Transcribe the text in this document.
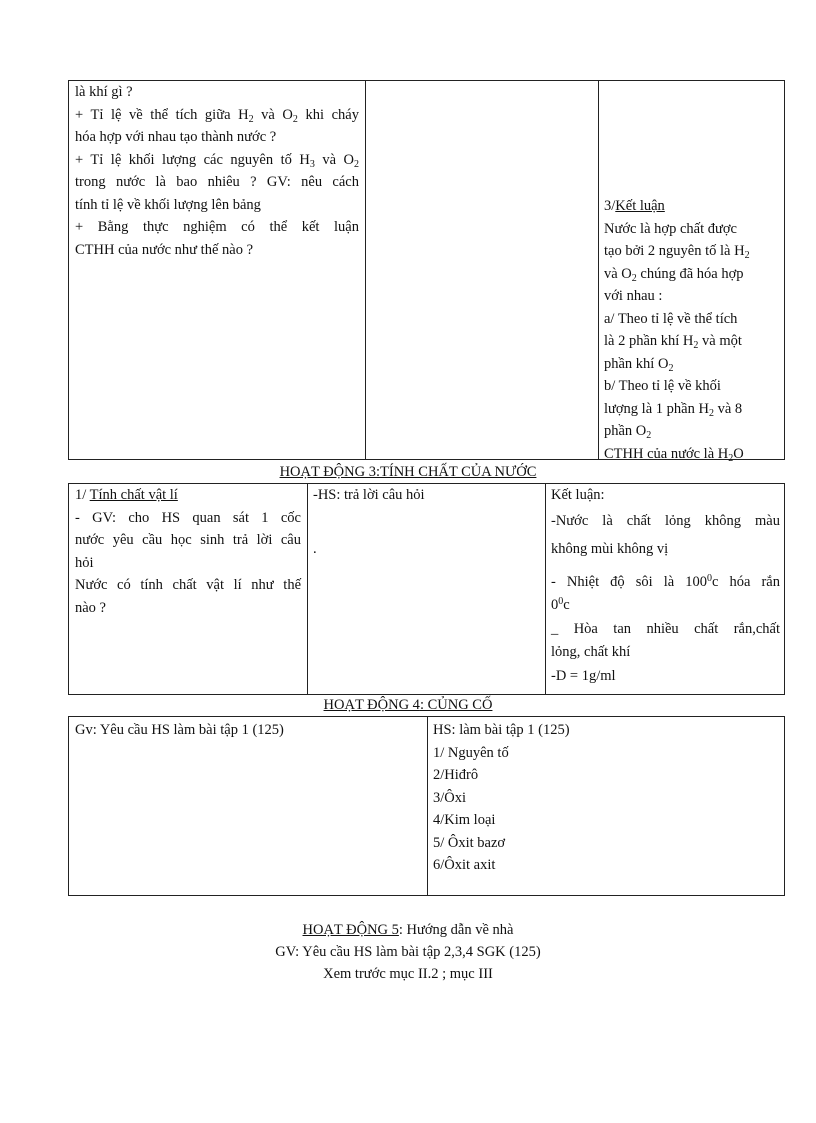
là khí gì ?
+ Tỉ lệ về thể tích giữa $H_2$ và $O_2$ khi cháy
hóa hợp với nhau tạo thành nước ?
+ Tỉ lệ khối lượng các nguyên tố $H_3$ và $O_2$
trong nước là bao nhiêu ? GV: nêu cách
tính tỉ lệ về khối lượng lên bảng
+ Bằng thực nghiệm có thể kết luận
CTHH của nước như thế nào ?
3/Kết luận
Nước là hợp chất được
tạo bởi 2 nguyên tố là $H_2$
và $O_2$ chúng đã hóa hợp
với nhau :
a/ Theo tỉ lệ về thể tích
là 2 phần khí $H_2$ và một
phần khí $O_2$
b/ Theo tỉ lệ về khối
lượng là 1 phần $H_2$ và 8
phần $O_2$
CTHH của nước là $H_2O$
HOẠT ĐỘNG 3:TÍNH CHẤT CỦA NƯỚC
1/ Tính chất vật lí
- GV: cho HS quan sát 1 cốc
nước yêu cầu học sinh trả lời câu
hỏi
Nước có tính chất vật lí như thế
nào ?
-HS: trả lời câu hỏi
.
Kết luận:
-Nước là chất lỏng không màu
không mùi không vị
- Nhiệt độ sôi là $100^0c$ hóa rắn
$0^0c$
_ Hòa tan nhiều chất rắn,chất
lỏng, chất khí
-D = 1g/ml
HOẠT ĐỘNG 4: CỦNG CỐ
Gv: Yêu cầu HS làm bài tập 1 (125)	HS: làm bài tập 1 (125)
1/ Nguyên tố
2/Hiđrô
3/Ôxi
4/Kim loại
5/ Ôxit bazơ
6/Ôxit axit
HOẠT ĐỘNG 5: Hướng dẫn về nhà
GV: Yêu cầu HS làm bài tập 2,3,4 SGK (125)
Xem trước mục II.2 ; mục III
